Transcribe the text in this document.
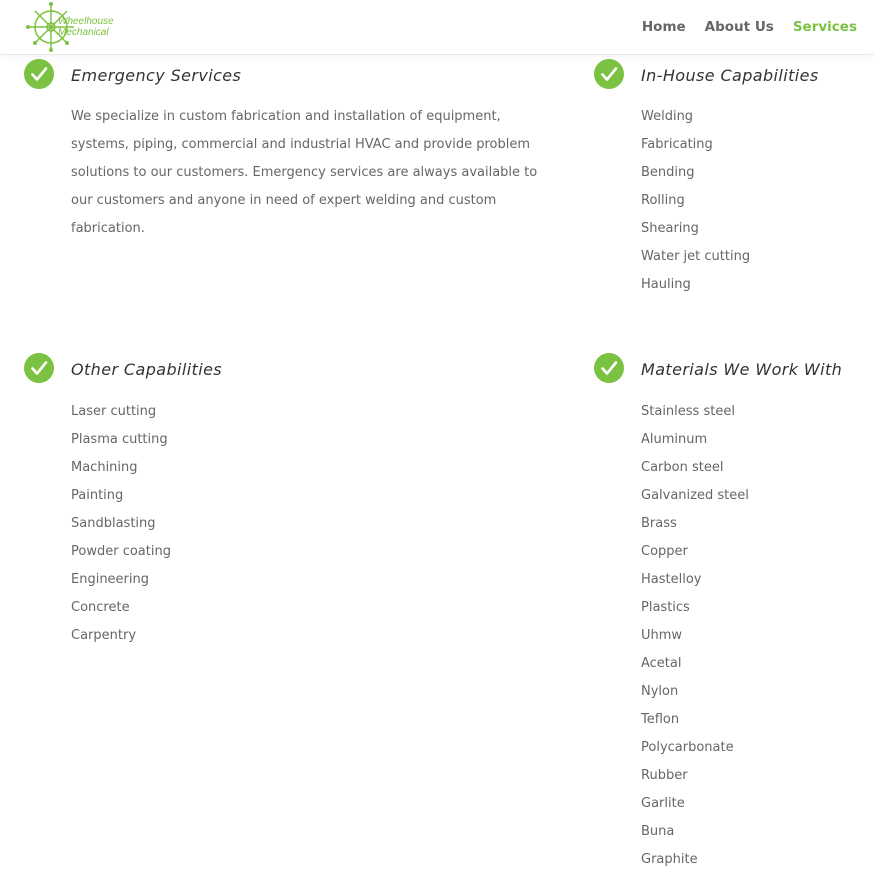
Wheelhouse
Mechanical	Home About Us Services
Emergency Services
We specialize in custom fabrication and installation of equipment, systems, piping, commercial and industrial HVAC and provide problem solutions to our customers. Emergency services are always available to our customers and anyone in need of expert welding and custom fabrication.
In-House Capabilities
Welding
Fabricating
Bending
Rolling
Shearing
Water jet cutting
Hauling
Other Capabilities
Laser cutting
Plasma cutting
Machining
Painting
Sandblasting
Powder coating
Engineering
Concrete
Carpentry
Materials We Work With
Stainless steel
Aluminum
Carbon steel
Galvanized steel
Brass
Copper
Hastelloy
Plastics
Uhmw
Acetal
Nylon
Teflon
Polycarbonate
Rubber
Garlite
Buna
Graphite
